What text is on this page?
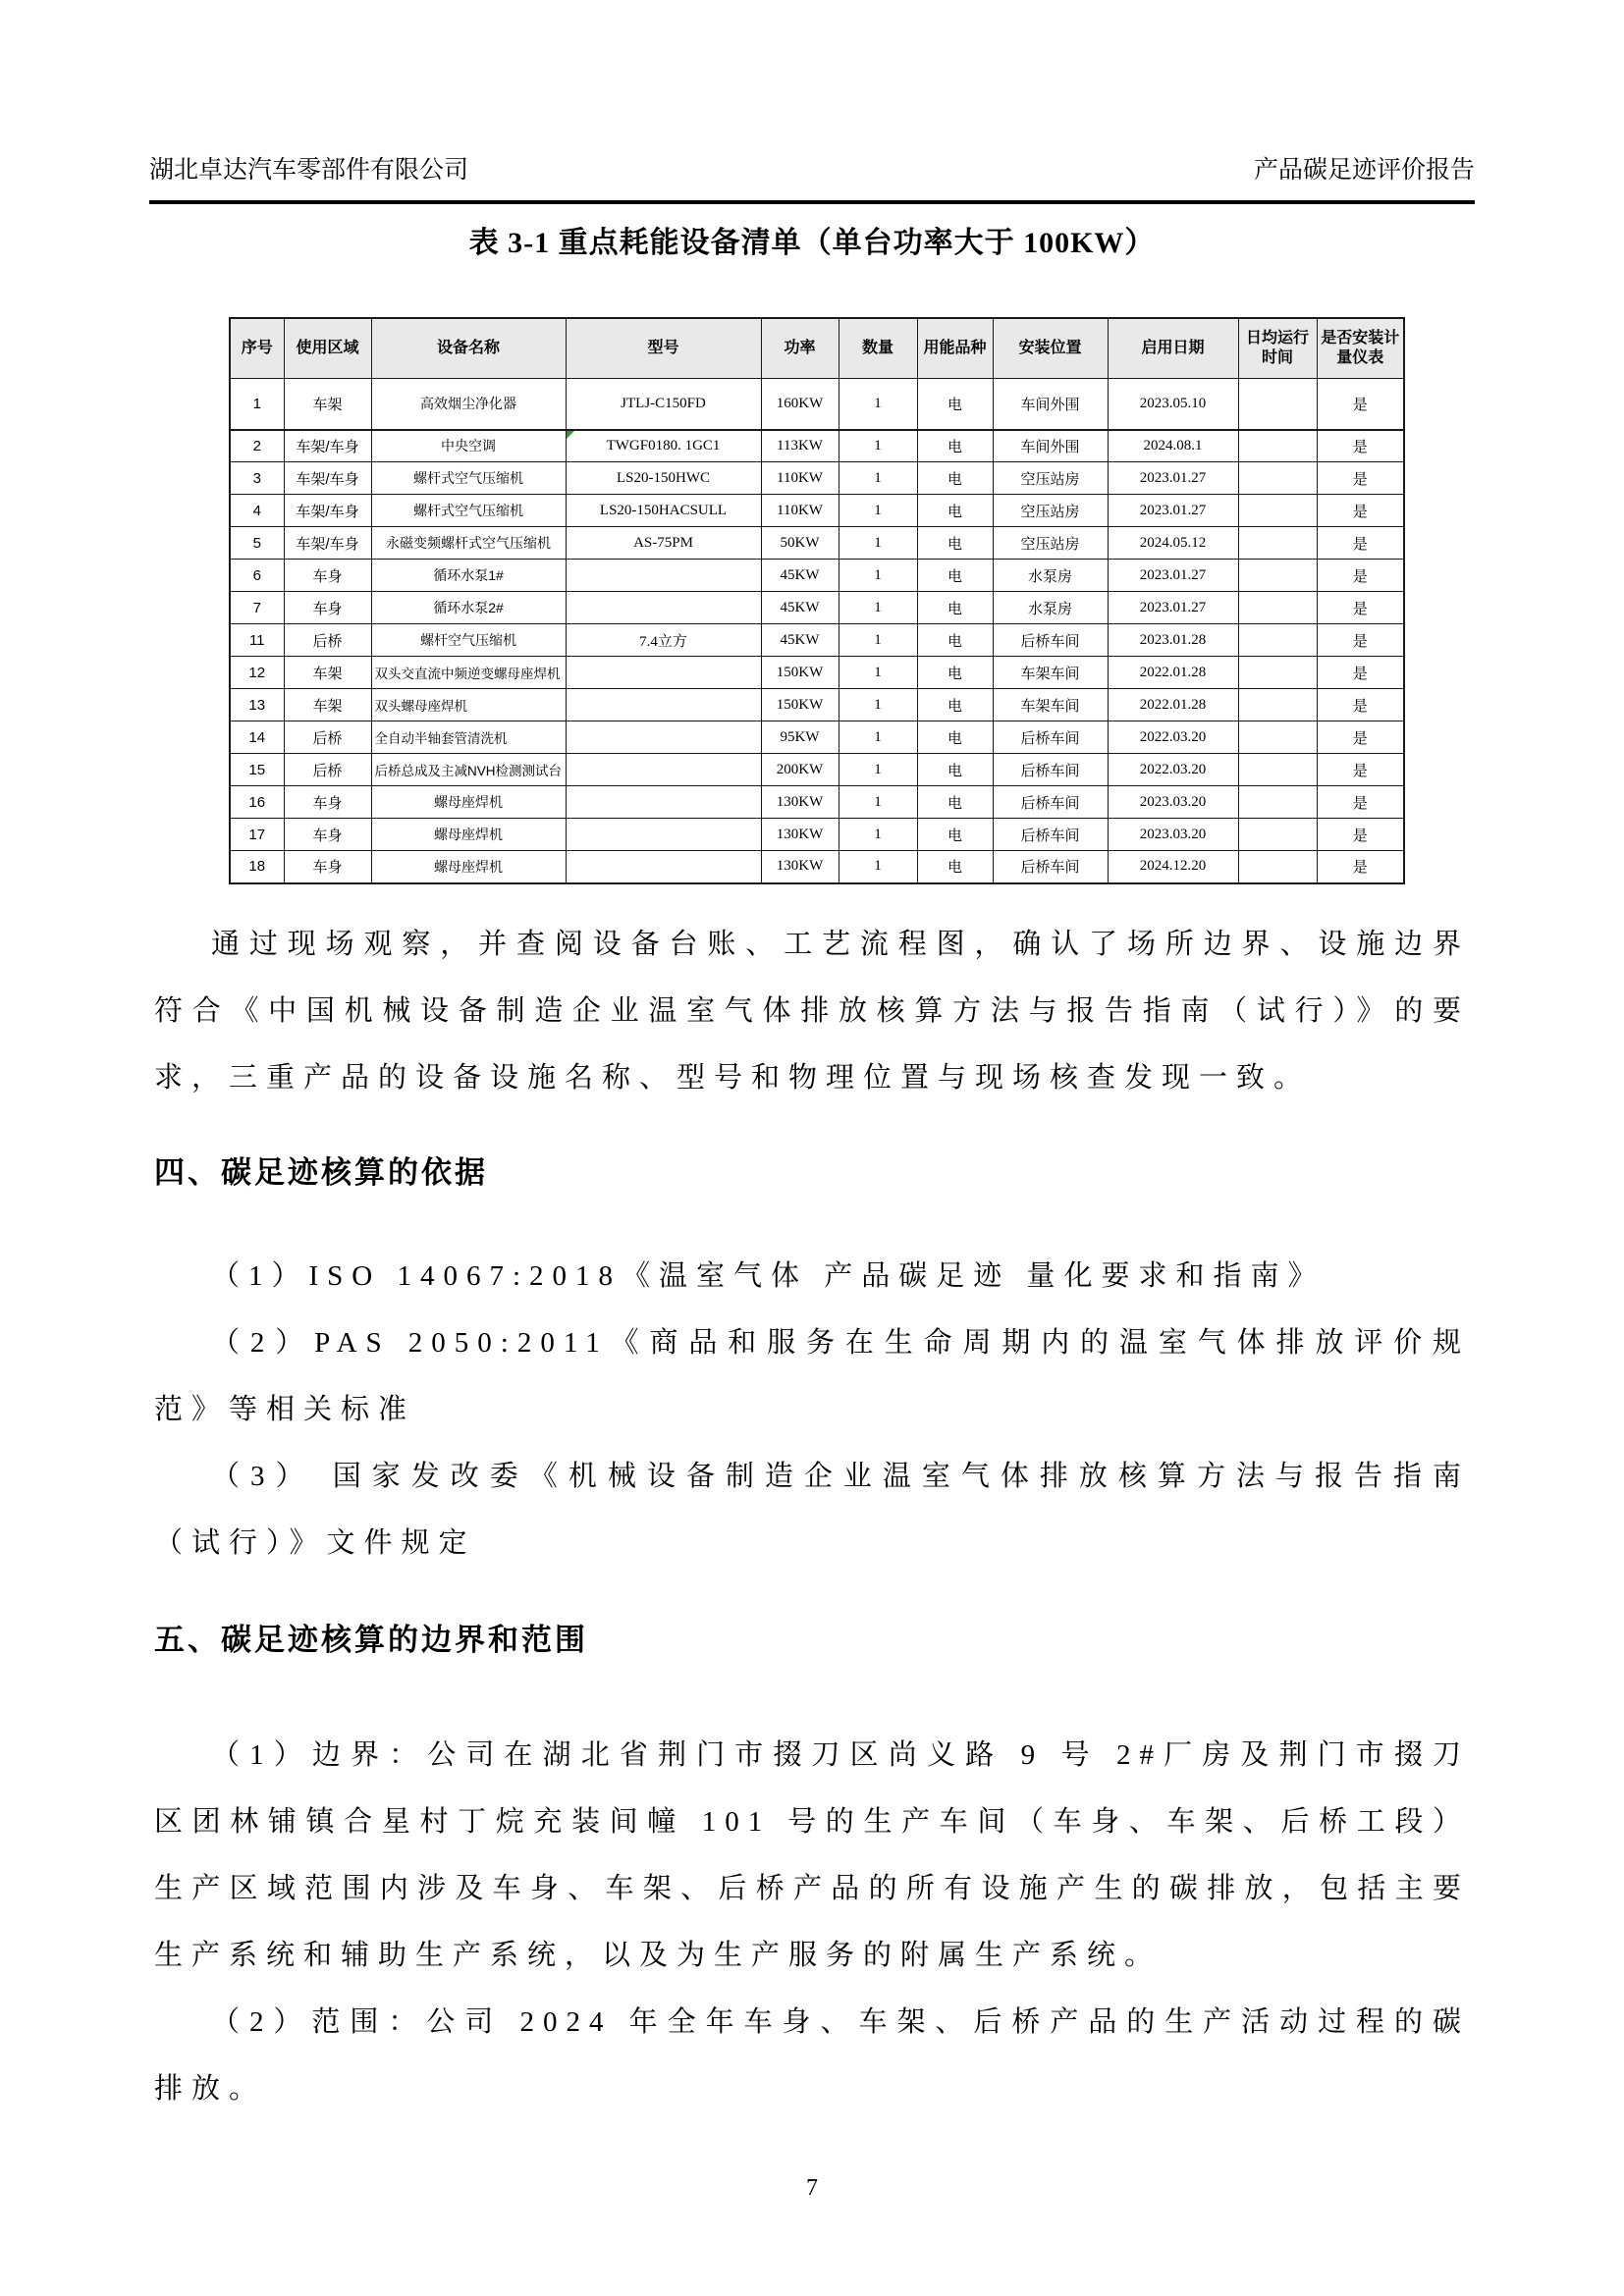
湖北卓达汽车零部件有限公司	产品碳足迹评价报告
表 3-1 重点耗能设备清单（单台功率大于 100KW）
序号	使用区域	设备名称	型号	功率	数量	用能品种	安装位置	启用日期	日均运行时间	是否安装计量仪表
1	车架	高效烟尘净化器	JTLJ-C150FD	160KW	1	电	车间外围	2023.05.10		是
2	车架/车身	中央空调	TWGF0180. 1GC1	113KW	1	电	车间外围	2024.08.1		是
3	车架/车身	螺杆式空气压缩机	LS20-150HWC	110KW	1	电	空压站房	2023.01.27		是
4	车架/车身	螺杆式空气压缩机	LS20-150HACSULL	110KW	1	电	空压站房	2023.01.27		是
5	车架/车身	永磁变频螺杆式空气压缩机	AS-75PM	50KW	1	电	空压站房	2024.05.12		是
6	车身	循环水泵1#		45KW	1	电	水泵房	2023.01.27		是
7	车身	循环水泵2#		45KW	1	电	水泵房	2023.01.27		是
11	后桥	螺杆空气压缩机	7.4立方	45KW	1	电	后桥车间	2023.01.28		是
12	车架	双头交直流中频逆变螺母座焊机		150KW	1	电	车架车间	2022.01.28		是
13	车架	双头螺母座焊机		150KW	1	电	车架车间	2022.01.28		是
14	后桥	全自动半轴套管清洗机		95KW	1	电	后桥车间	2022.03.20		是
15	后桥	后桥总成及主减NVH检测测试台		200KW	1	电	后桥车间	2022.03.20		是
16	车身	螺母座焊机		130KW	1	电	后桥车间	2023.03.20		是
17	车身	螺母座焊机		130KW	1	电	后桥车间	2023.03.20		是
18	车身	螺母座焊机		130KW	1	电	后桥车间	2024.12.20		是

通过现场观察，并查阅设备台账、工艺流程图，确认了场所边界、设施边界符合《中国机械设备制造企业温室气体排放核算方法与报告指南（试行）》的要求，三重产品的设备设施名称、型号和物理位置与现场核查发现一致。

四、碳足迹核算的依据

（1）ISO 14067:2018《温室气体 产品碳足迹 量化要求和指南》

（2）PAS 2050:2011《商品和服务在生命周期内的温室气体排放评价规范》等相关标准

（3） 国家发改委《机械设备制造企业温室气体排放核算方法与报告指南（试行）》文件规定

五、碳足迹核算的边界和范围

（1）边界：公司在湖北省荆门市掇刀区尚义路 9 号 2#厂房及荆门市掇刀区团林铺镇合星村丁烷充装间幢 101 号的生产车间（车身、车架、后桥工段）生产区域范围内涉及车身、车架、后桥产品的所有设施产生的碳排放，包括主要生产系统和辅助生产系统，以及为生产服务的附属生产系统。

（2）范围：公司 2024 年全年车身、车架、后桥产品的生产活动过程的碳排放。

7
